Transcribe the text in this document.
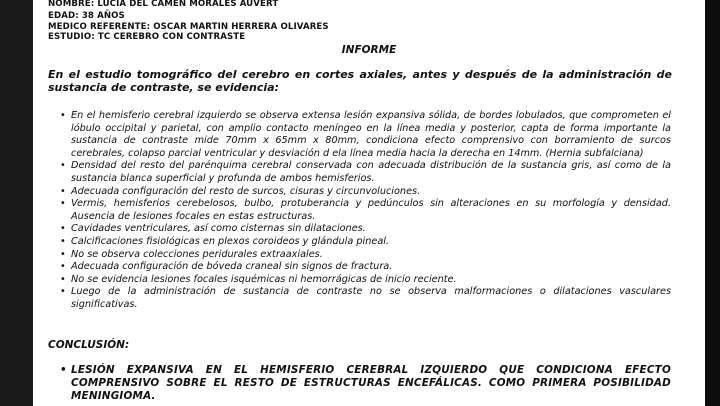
NOMBRE: LUCIA DEL CAMEN MORALES AUVERT
EDAD: 38 AÑOS
MEDICO REFERENTE: OSCAR MARTIN HERRERA OLIVARES
ESTUDIO: TC CEREBRO CON CONTRASTE
INFORME
En el estudio tomográfico del cerebro en cortes axiales, antes y después de la administración de sustancia de contraste, se evidencia:
• En el hemisferio cerebral izquierdo se observa extensa lesión expansiva sólida, de bordes lobulados, que comprometen el lóbulo occipital y parietal, con amplio contacto meníngeo en la línea media y posterior, capta de forma importante la sustancia de contraste mide 70mm x 65mm x 80mm, condiciona efecto comprensivo con borramiento de surcos cerebrales, colapso parcial ventricular y desviación d ela línea media hacia la derecha en 14mm. (Hernia subfalciana)
• Densidad del resto del parénquima cerebral conservada con adecuada distribución de la sustancia gris, así como de la sustancia blanca superficial y profunda de ambos hemisferios.
• Adecuada configuración del resto de surcos, cisuras y circunvoluciones.
• Vermis, hemisferios cerebelosos, bulbo, protuberancia y pedúnculos sin alteraciones en su morfología y densidad. Ausencia de lesiones focales en estas estructuras.
• Cavidades ventriculares, así como cisternas sin dilataciones.
• Calcificaciones fisiológicas en plexos coroideos y glándula pineal.
• No se observa colecciones peridurales extraaxiales.
• Adecuada configuración de bóveda craneal sin signos de fractura.
• No se evidencia lesiones focales isquémicas ni hemorrágicas de inicio reciente.
• Luego de la administración de sustancia de contraste no se observa malformaciones o dilataciones vasculares significativas.
CONCLUSIÓN:
• LESIÓN EXPANSIVA EN EL HEMISFERIO CEREBRAL IZQUIERDO QUE CONDICIONA EFECTO COMPRENSIVO SOBRE EL RESTO DE ESTRUCTURAS ENCEFÁLICAS. COMO PRIMERA POSIBILIDAD MENINGIOMA.
